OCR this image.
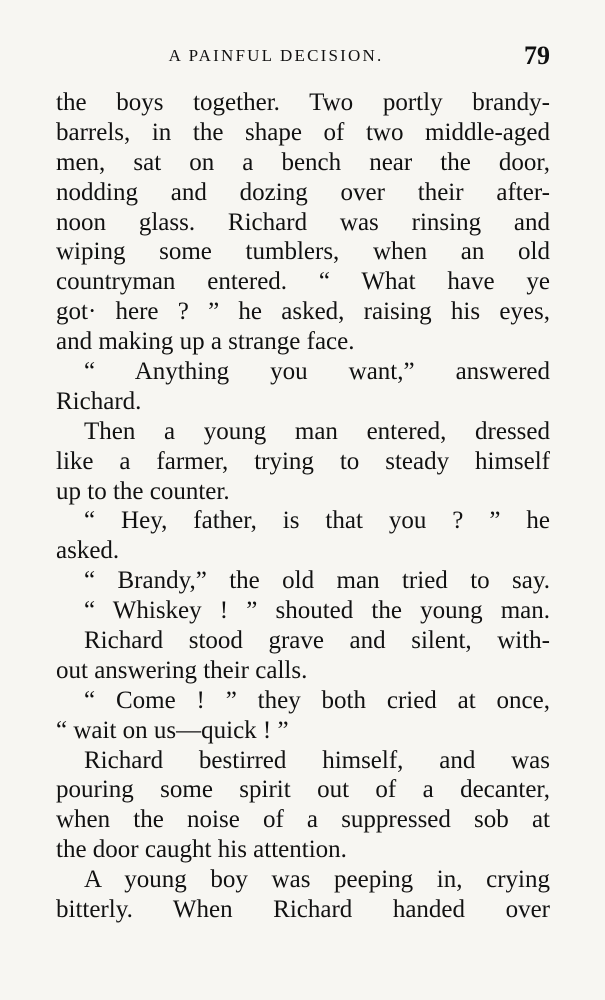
A PAINFUL DECISION.	79
the boys together. Two portly brandy-
barrels, in the shape of two middle-aged
men, sat on a bench near the door,
nodding and dozing over their after-
noon glass. Richard was rinsing and
wiping some tumblers, when an old
countryman entered. “ What have ye
got· here ? ” he asked, raising his eyes,
and making up a strange face.
“ Anything you want,” answered
Richard.
Then a young man entered, dressed
like a farmer, trying to steady himself
up to the counter.
“ Hey, father, is that you ? ” he
asked.
“ Brandy,” the old man tried to say.
“ Whiskey ! ” shouted the young man.
Richard stood grave and silent, with-
out answering their calls.
“ Come ! ” they both cried at once,
“ wait on us—quick ! ”
Richard bestirred himself, and was
pouring some spirit out of a decanter,
when the noise of a suppressed sob at
the door caught his attention.
A young boy was peeping in, crying
bitterly. When Richard handed over
